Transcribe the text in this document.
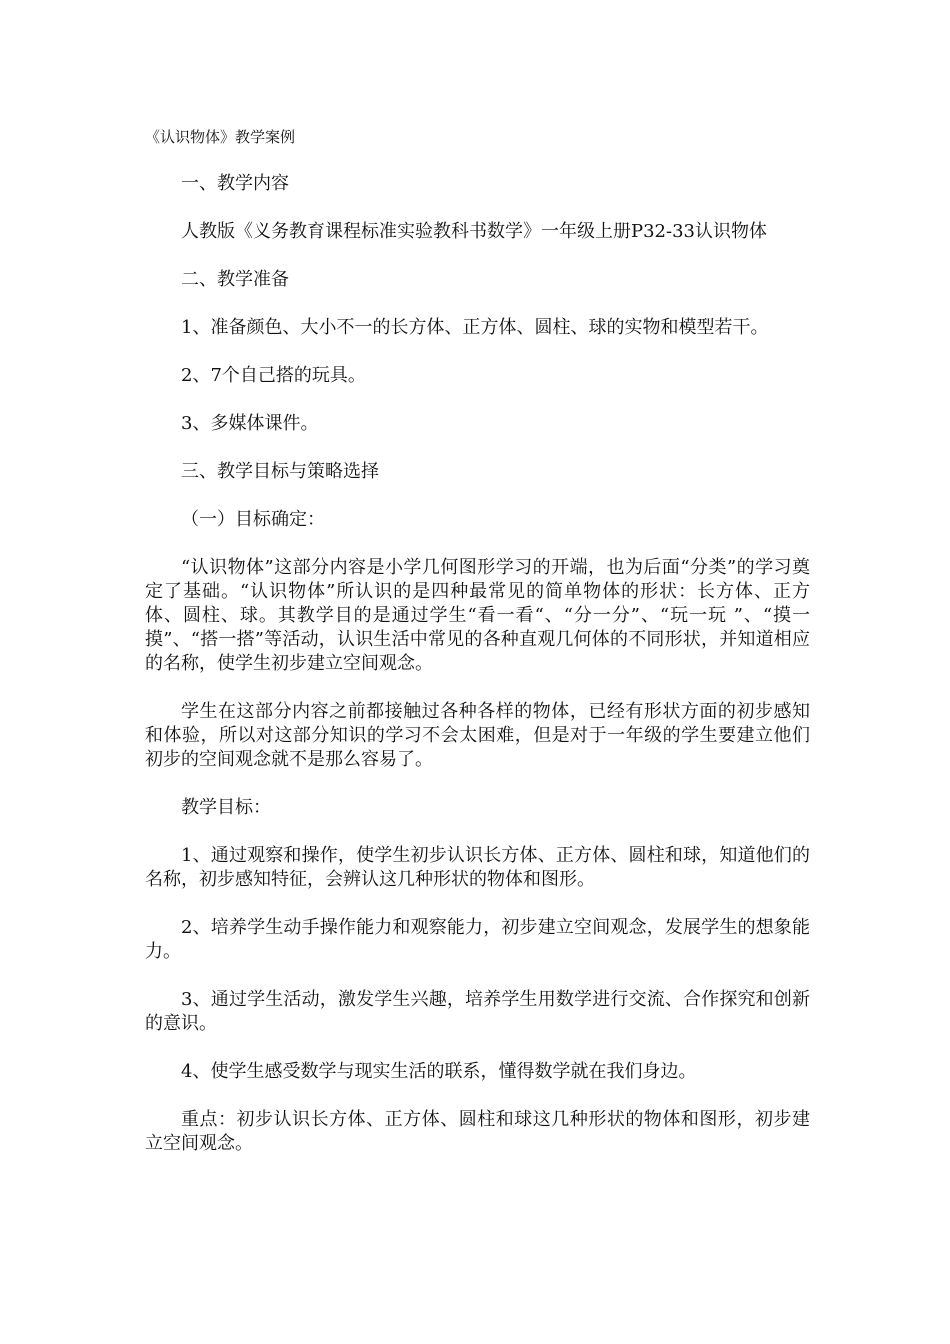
《认识物体》教学案例

一、教学内容

人教版《义务教育课程标准实验教科书数学》一年级上册P32-33认识物体

二、教学准备

1、准备颜色、大小不一的长方体、正方体、圆柱、球的实物和模型若干。

2、7个自己搭的玩具。

3、多媒体课件。

三、教学目标与策略选择

（一）目标确定：

“认识物体”这部分内容是小学几何图形学习的开端，也为后面“分类”的学习奠定了基础。“认识物体”所认识的是四种最常见的简单物体的形状：长方体、正方体、圆柱、球。其教学目的是通过学生“看一看“、“分一分”、“玩一玩 ”、“摸一摸”、“搭一搭”等活动，认识生活中常见的各种直观几何体的不同形状，并知道相应的名称，使学生初步建立空间观念。

学生在这部分内容之前都接触过各种各样的物体，已经有形状方面的初步感知和体验，所以对这部分知识的学习不会太困难，但是对于一年级的学生要建立他们初步的空间观念就不是那么容易了。

教学目标：

1、通过观察和操作，使学生初步认识长方体、正方体、圆柱和球，知道他们的名称，初步感知特征，会辨认这几种形状的物体和图形。

2、培养学生动手操作能力和观察能力，初步建立空间观念，发展学生的想象能力。

3、通过学生活动，激发学生兴趣，培养学生用数学进行交流、合作探究和创新的意识。

4、使学生感受数学与现实生活的联系，懂得数学就在我们身边。

重点：初步认识长方体、正方体、圆柱和球这几种形状的物体和图形，初步建立空间观念。
